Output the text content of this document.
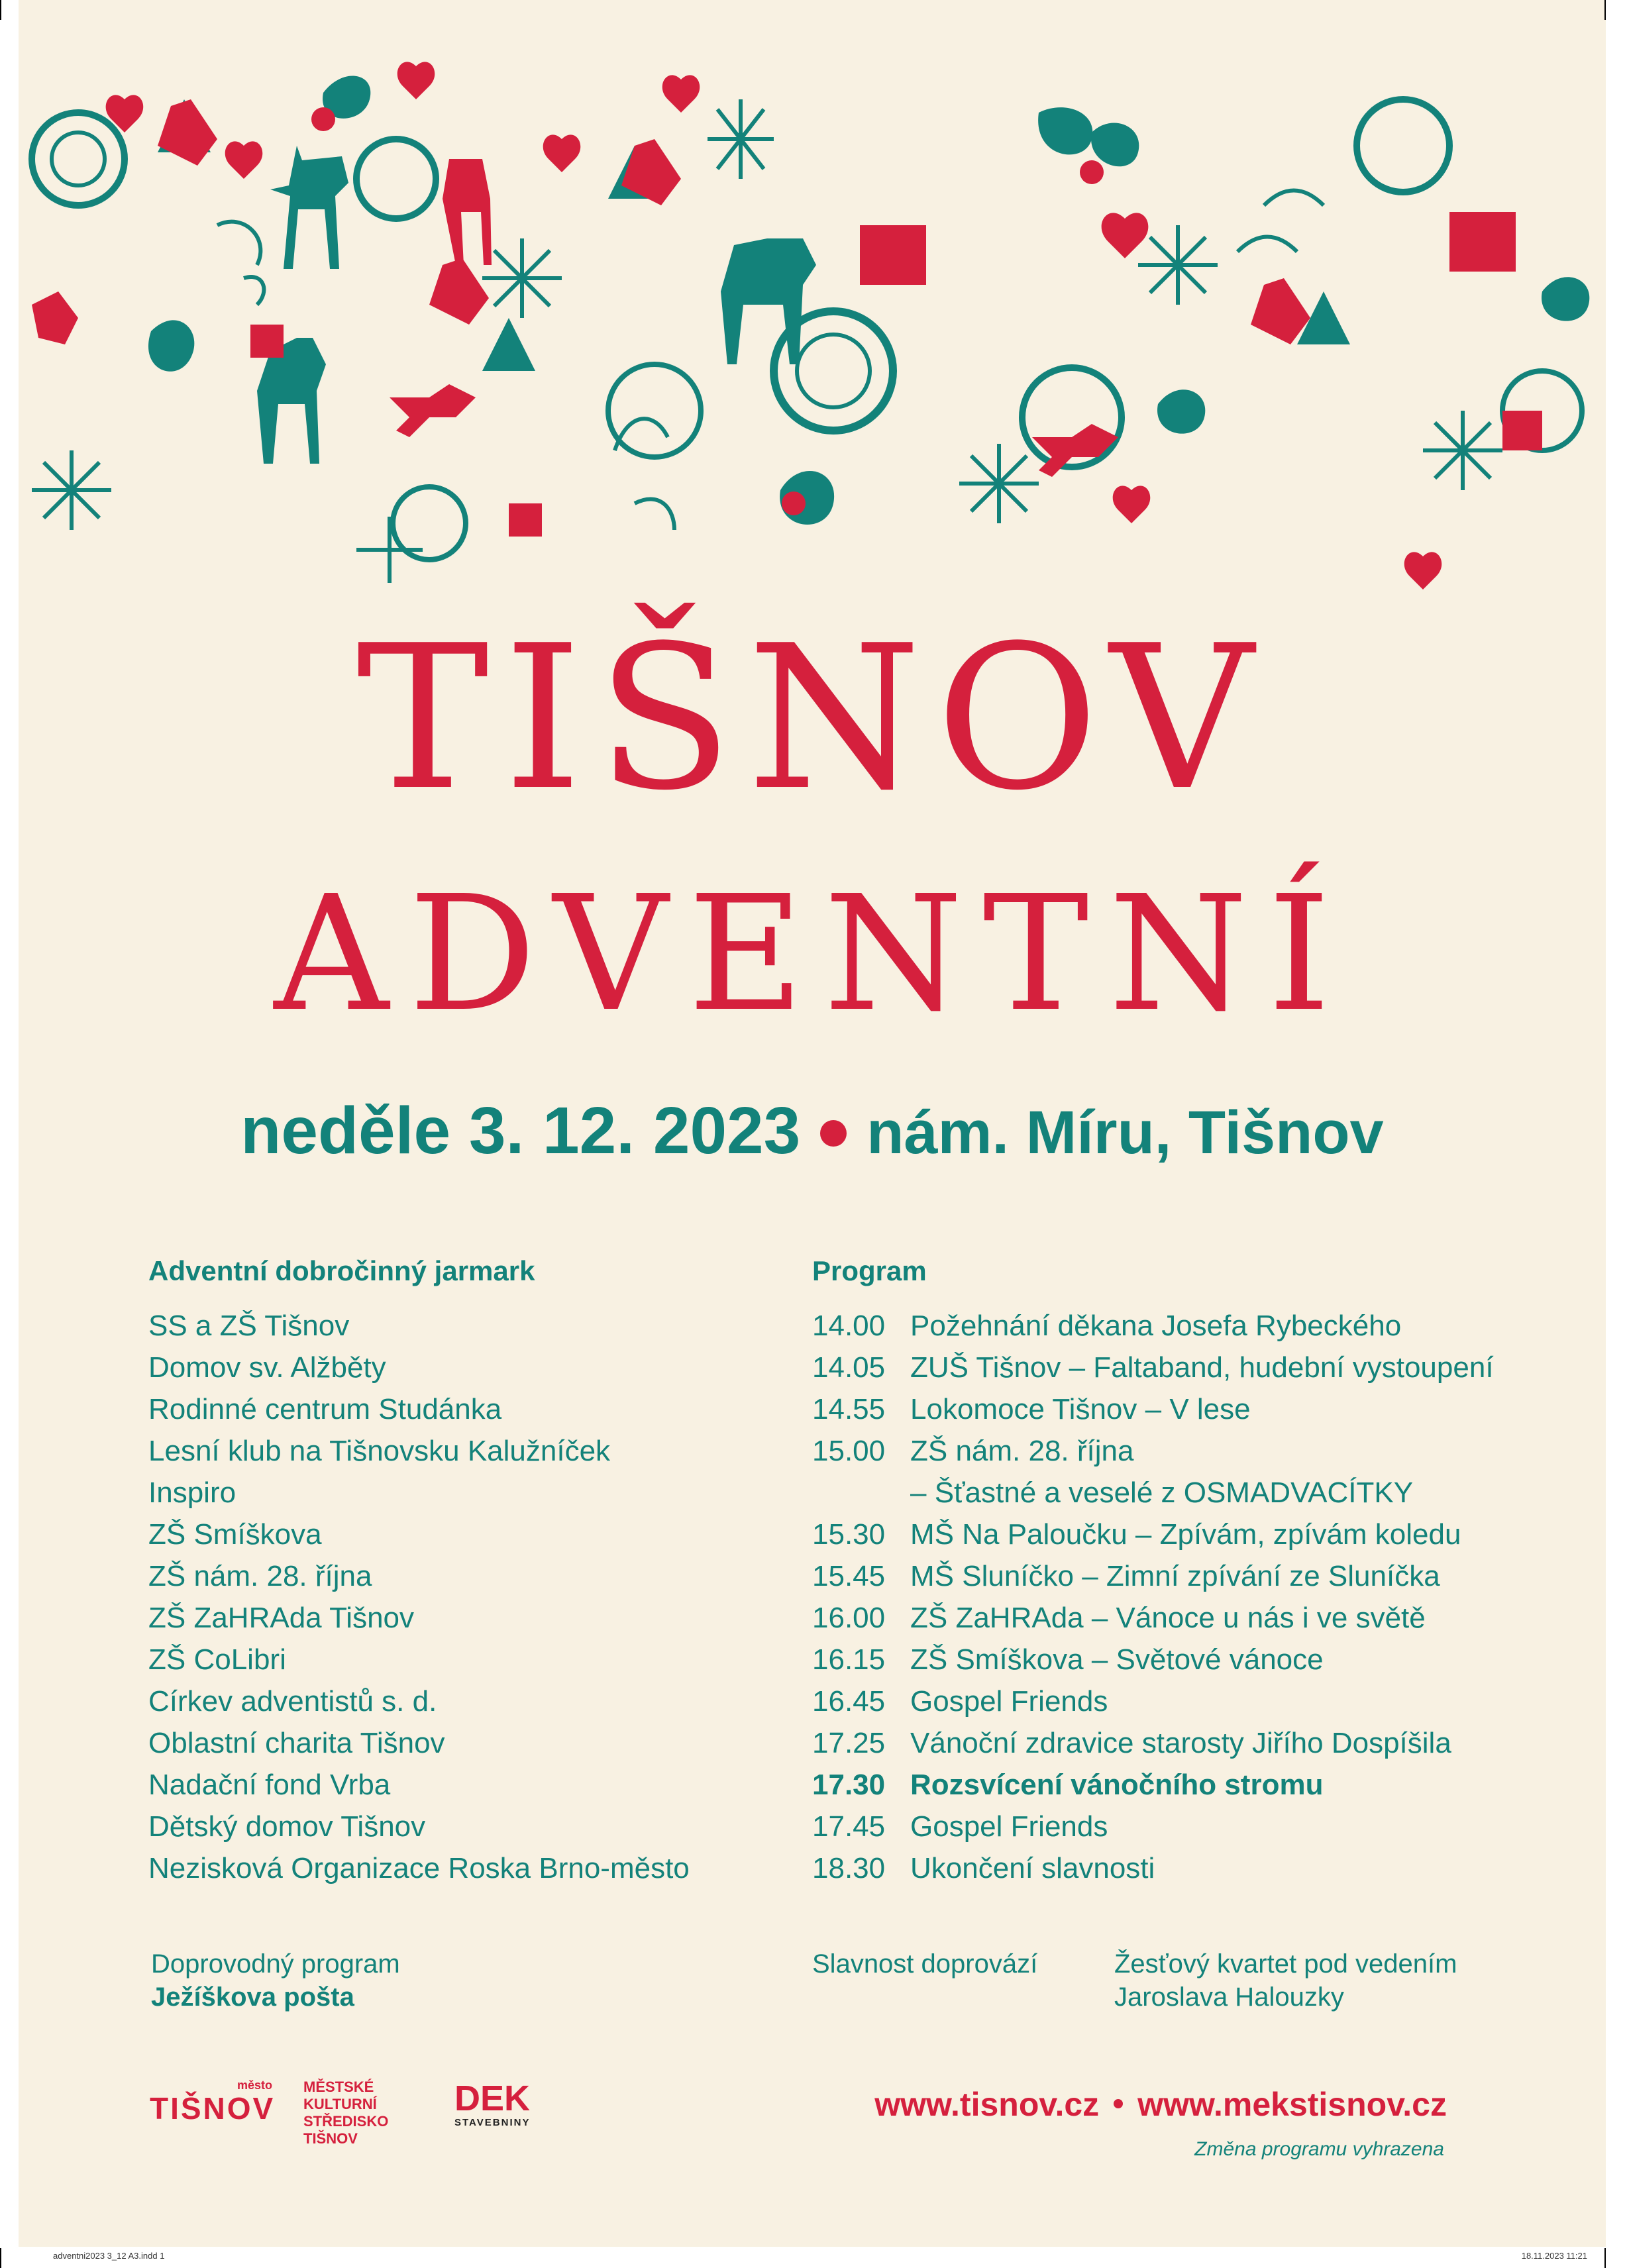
TIŠNOV
ADVENTNÍ
neděle 3. 12. 2023 nám. Míru, Tišnov
Adventní dobročinný jarmark
SS a ZŠ Tišnov
Domov sv. Alžběty
Rodinné centrum Studánka
Lesní klub na Tišnovsku Kalužníček
Inspiro
ZŠ Smíškova
ZŠ nám. 28. října
ZŠ ZaHRAda Tišnov
ZŠ CoLibri
Církev adventistů s. d.
Oblastní charita Tišnov
Nadační fond Vrba
Dětský domov Tišnov
Nezisková Organizace Roska Brno-město
Program
14.00 Požehnání děkana Josefa Rybeckého
14.05 ZUŠ Tišnov – Faltaband, hudební vystoupení
14.55 Lokomoce Tišnov – V lese
15.00 ZŠ nám. 28. října
– Šťastné a veselé z OSMADVACÍTKY
15.30 MŠ Na Paloučku – Zpívám, zpívám koledu
15.45 MŠ Sluníčko – Zimní zpívání ze Sluníčka
16.00 ZŠ ZaHRAda – Vánoce u nás i ve světě
16.15 ZŠ Smíškova – Světové vánoce
16.45 Gospel Friends
17.25 Vánoční zdravice starosty Jiřího Dospíšila
17.30 Rozsvícení vánočního stromu
17.45 Gospel Friends
18.30 Ukončení slavnosti
Doprovodný program
Ježíškova pošta
Slavnost doprovází	Žesťový kvartet pod vedením
Jaroslava Halouzky
město
TIŠNOV
MĚSTSKÉ
KULTURNÍ
STŘEDISKO
TIŠNOV
DEK
STAVEBNINY	www.tisnov.cz www.mekstisnov.cz
Změna programu vyhrazena
adventni2023 3_12 A3.indd 1	18.11.2023 11:21
